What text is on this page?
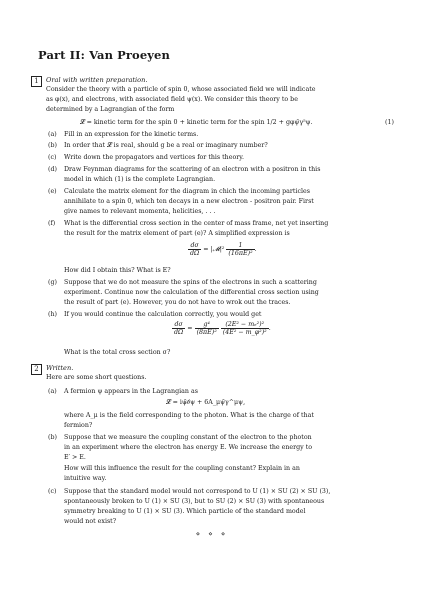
Part II: Van Proeyen
1	Oral with written preparation.
Consider the theory with a particle of spin 0, whose associated field we will indicate
as φ(x), and electrons, with associated field ψ(x). We consider this theory to be
determined by a Lagrangian of the form
𝓛 = kinetic term for the spin 0 + kinetic term for the spin 1/2 + gφψ̄γ⁵ψ.	(1)
(a) Fill in an expression for the kinetic terms.
(b) In order that 𝓛 is real, should g be a real or imaginary number?
(c) Write down the propagators and vertices for this theory.
(d) Draw Feynman diagrams for the scattering of an electron with a positron in this
model in which (1) is the complete Lagrangian.
(e) Calculate the matrix element for the diagram in chich the incoming particles
annihilate to a spin 0, which ten decays in a new electron - positron pair. First
give names to relevant momenta, helicities, . . .
(f) What is the differential cross section in the center of mass frame, net yet inserting
the result for the matrix element of part (e)? A simplified expression is
$\frac{d\sigma}{d\Omega}$ = |𝓜|² $\frac{1}{\text{(16πE)²}}$ .
How did I obtain this? What is E?
(g) Suppose that we do not measure the spins of the electrons in such a scattering
experiment. Continue now the calculation of the differential cross section using
the result of part (e). However, you do not have to wrok out the traces.
(h) If you would continue the calculation correctly, you would get
$\frac{d\sigma}{d\Omega} = \frac{\text{g⁴}}{\text{(8πE)²}}$
$\frac{\text{(2E² − mₑ²)²}}{\text{(4E² − m\_φ²)²}}$ .
What is the total cross section σ?
2	Written.
Here are some short questions.
(a) A fermion ψ appears in the Lagrangian as
𝓛 = iψ̄∂̸ψ + 6A_μψ̄γ^μψ,
where A_μ is the field corresponding to the photon. What is the charge of that
fermion?
(b) Suppose that we measure the coupling constant of the electron to the photon
in an experiment where the electron has energy E. We increase the energy to
E′ > E.
How will this influence the result for the coupling constant? Explain in an
intuitive way.
(c) Suppose that the standard model would not correspond to U (1) × SU (2) × SU (3),
spontaneously broken to U (1) × SU (3), but to SU (2) × SU (3) with spontaneous
symmetry breaking to U (1) × SU (3). Which particle of the standard model
would not exist?
⋄ ⋄ ⋄
